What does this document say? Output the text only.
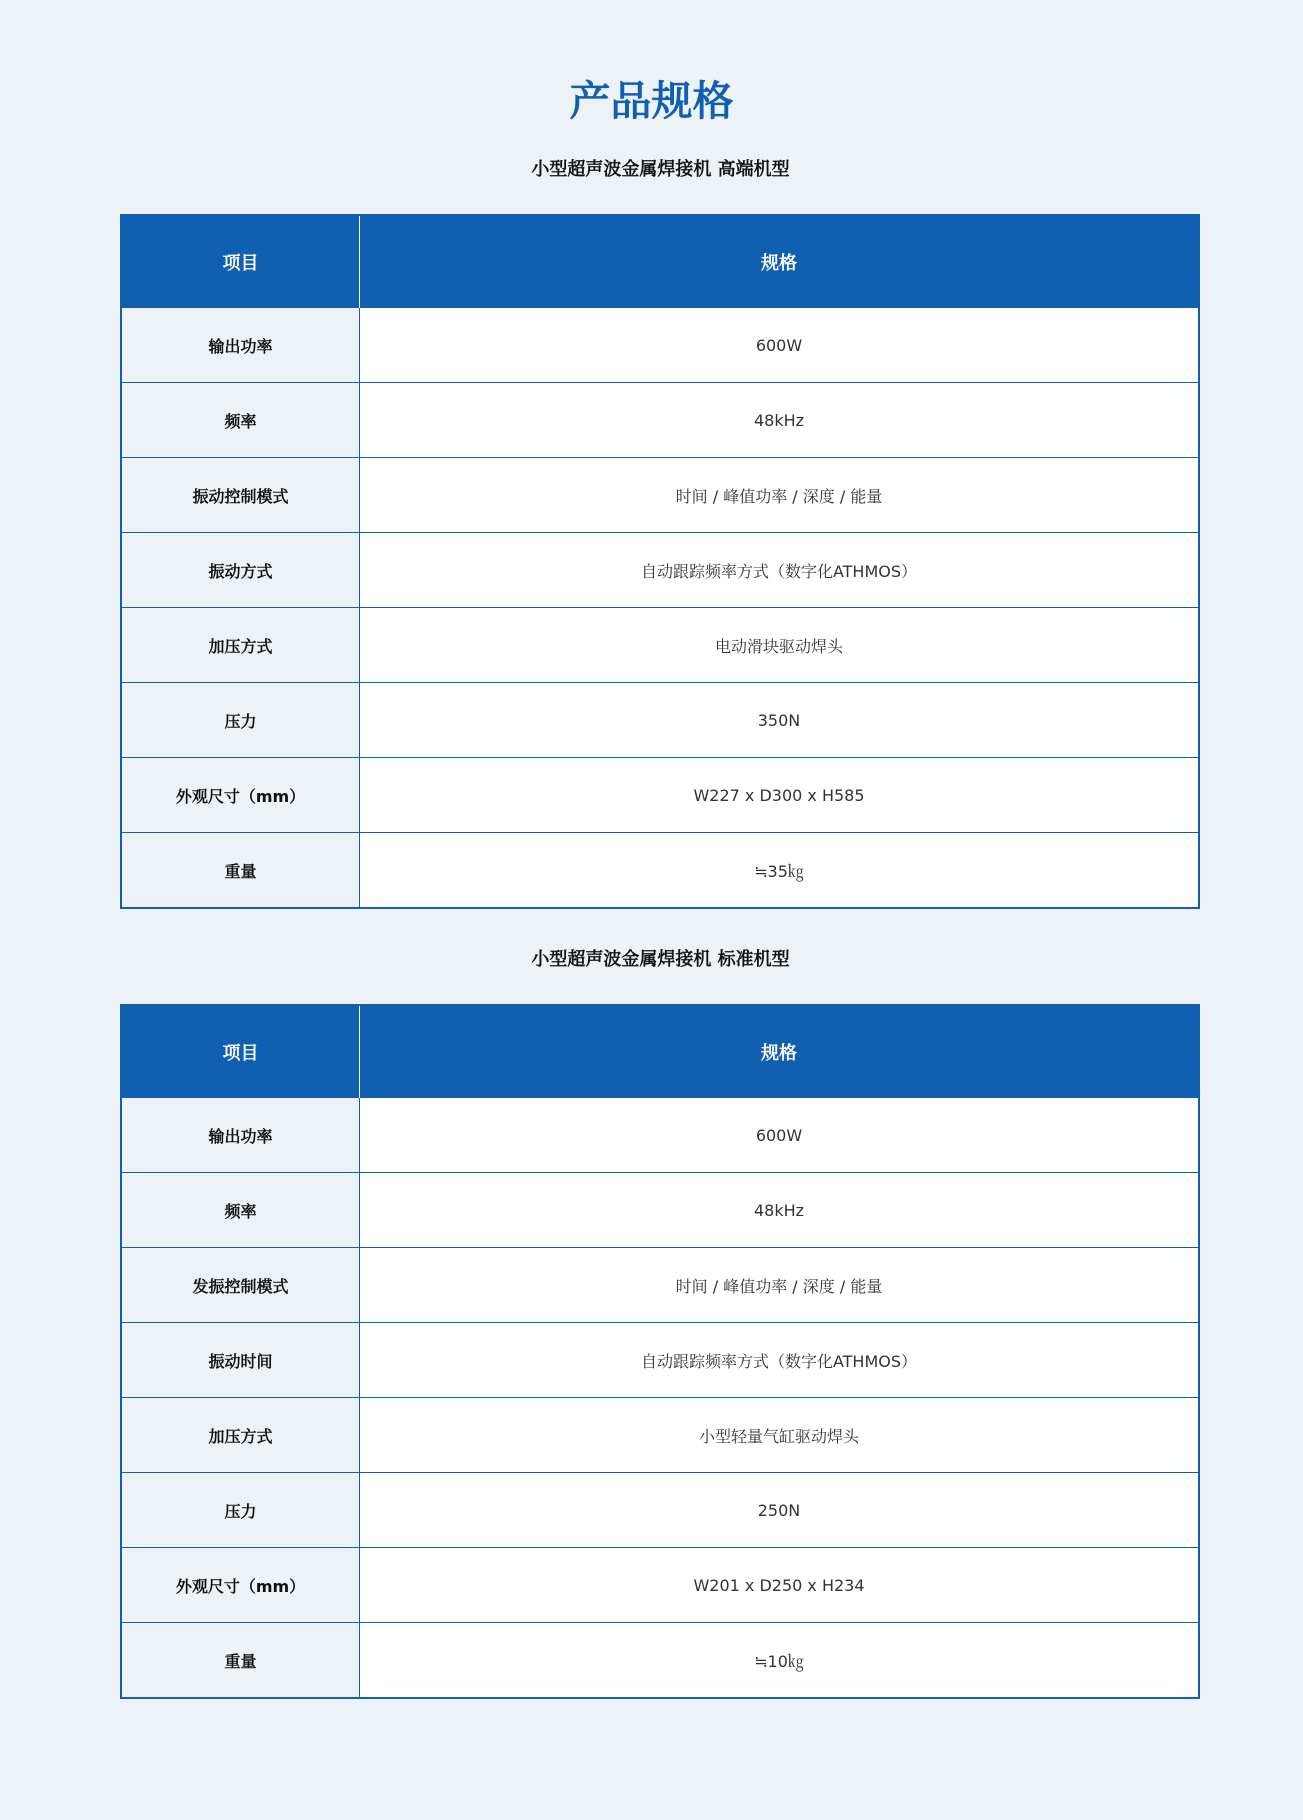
产品规格
小型超声波金属焊接机 高端机型
项目	规格
输出功率	600W
频率	48kHz
振动控制模式	时间 / 峰值功率 / 深度 / 能量
振动方式	自动跟踪频率方式（数字化ATHMOS）
加压方式	电动滑块驱动焊头
压力	350N
外观尺寸（mm）	W227 x D300 x H585
重量	≒35㎏
小型超声波金属焊接机 标准机型
项目	规格
输出功率	600W
频率	48kHz
发振控制模式	时间 / 峰值功率 / 深度 / 能量
振动时间	自动跟踪频率方式（数字化ATHMOS）
加压方式	小型轻量气缸驱动焊头
压力	250N
外观尺寸（mm）	W201 x D250 x H234
重量	≒10㎏
